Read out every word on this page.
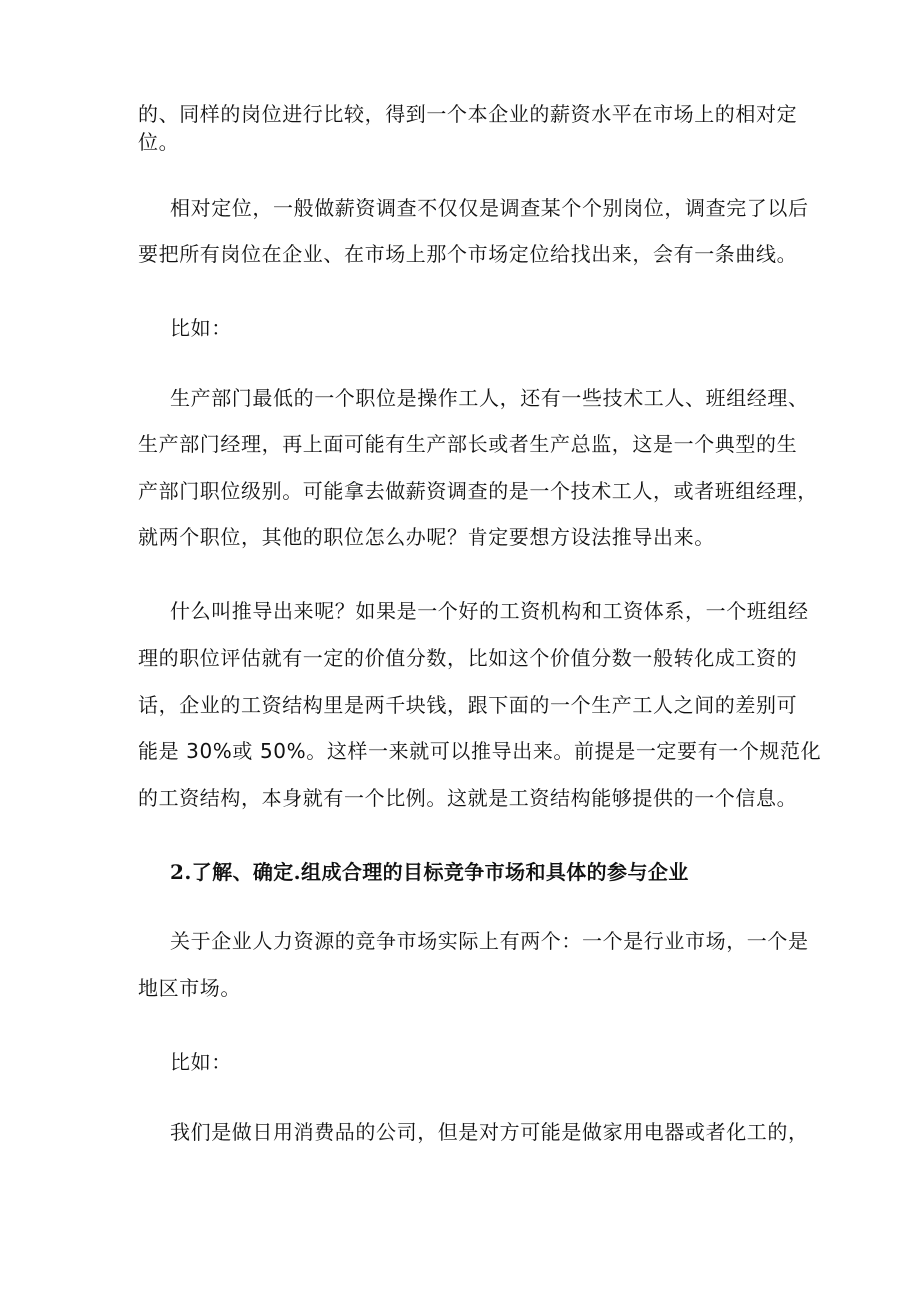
的、同样的岗位进行比较，得到一个本企业的薪资水平在市场上的相对定
位。
相对定位，一般做薪资调查不仅仅是调查某个个别岗位，调查完了以后
要把所有岗位在企业、在市场上那个市场定位给找出来，会有一条曲线。
比如：
生产部门最低的一个职位是操作工人，还有一些技术工人、班组经理、
生产部门经理，再上面可能有生产部长或者生产总监，这是一个典型的生
产部门职位级别。可能拿去做薪资调查的是一个技术工人，或者班组经理，
就两个职位，其他的职位怎么办呢？肯定要想方设法推导出来。
什么叫推导出来呢？如果是一个好的工资机构和工资体系，一个班组经
理的职位评估就有一定的价值分数，比如这个价值分数一般转化成工资的
话，企业的工资结构里是两千块钱，跟下面的一个生产工人之间的差别可
能是 30%或 50%。这样一来就可以推导出来。前提是一定要有一个规范化
的工资结构，本身就有一个比例。这就是工资结构能够提供的一个信息。
2.了解、确定.组成合理的目标竞争市场和具体的参与企业
关于企业人力资源的竞争市场实际上有两个：一个是行业市场，一个是
地区市场。
比如：
我们是做日用消费品的公司，但是对方可能是做家用电器或者化工的，
